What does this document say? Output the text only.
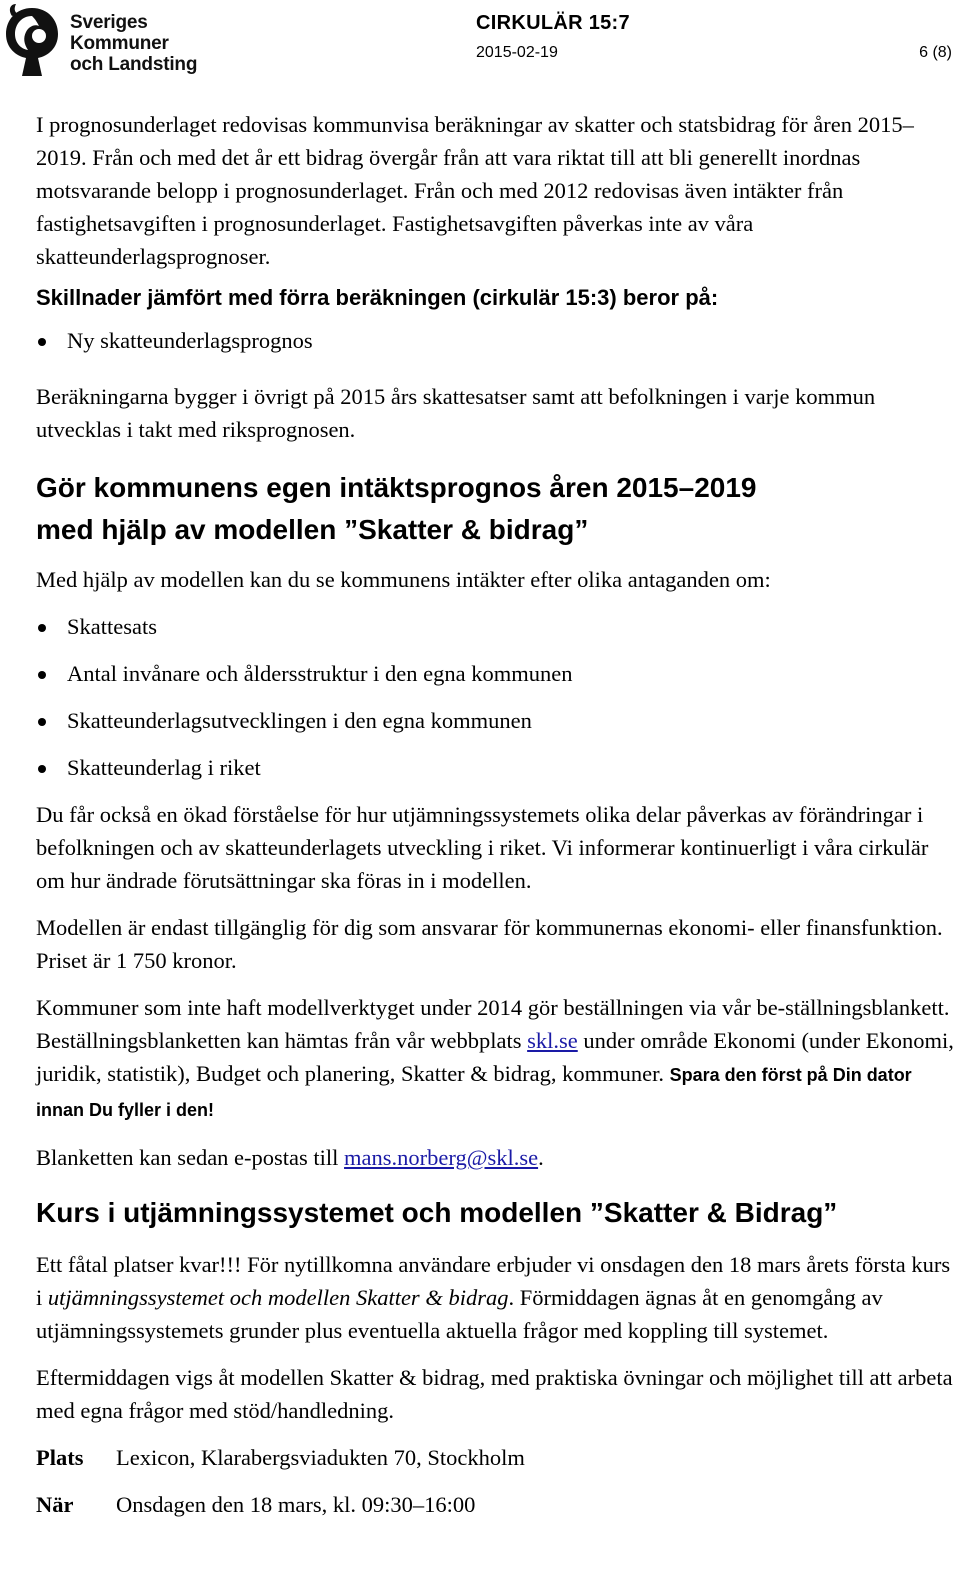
Sveriges
Kommuner
och Landsting
CIRKULÄR 15:7
2015-02-19	6 (8)

I prognosunderlaget redovisas kommunvisa beräkningar av skatter och statsbidrag för åren 2015–2019. Från och med det år ett bidrag övergår från att vara riktat till att bli generellt inordnas motsvarande belopp i prognosunderlaget. Från och med 2012 redovisas även intäkter från fastighetsavgiften i prognosunderlaget. Fastighetsavgiften påverkas inte av våra skatteunderlagsprognoser.

Skillnader jämfört med förra beräkningen (cirkulär 15:3) beror på:
Ny skatteunderlagsprognos

Beräkningarna bygger i övrigt på 2015 års skattesatser samt att befolkningen i varje kommun utvecklas i takt med riksprognosen.

Gör kommunens egen intäktsprognos åren 2015–2019
med hjälp av modellen ”Skatter & bidrag”

Med hjälp av modellen kan du se kommunens intäkter efter olika antaganden om:

Skattesats
Antal invånare och åldersstruktur i den egna kommunen
Skatteunderlagsutvecklingen i den egna kommunen
Skatteunderlag i riket

Du får också en ökad förståelse för hur utjämningssystemets olika delar påverkas av förändringar i befolkningen och av skatteunderlagets utveckling i riket. Vi informerar kontinuerligt i våra cirkulär om hur ändrade förutsättningar ska föras in i modellen.

Modellen är endast tillgänglig för dig som ansvarar för kommunernas ekonomi- eller finansfunktion. Priset är 1 750 kronor.

Kommuner som inte haft modellverktyget under 2014 gör beställningen via vår be-ställningsblankett. Beställningsblanketten kan hämtas från vår webbplats skl.se under område Ekonomi (under Ekonomi, juridik, statistik), Budget och planering, Skatter & bidrag, kommuner. Spara den först på Din dator innan Du fyller i den!

Blanketten kan sedan e-postas till mans.norberg@skl.se.

Kurs i utjämningssystemet och modellen ”Skatter & Bidrag”

Ett fåtal platser kvar!!! För nytillkomna användare erbjuder vi onsdagen den 18 mars årets första kurs i utjämningssystemet och modellen Skatter & bidrag. Förmiddagen ägnas åt en genomgång av utjämningssystemets grunder plus eventuella aktuella frågor med koppling till systemet.

Eftermiddagen vigs åt modellen Skatter & bidrag, med praktiska övningar och möjlighet till att arbeta med egna frågor med stöd/handledning.

Plats	Lexicon, Klarabergsviadukten 70, Stockholm
När	Onsdagen den 18 mars, kl. 09:30–16:00
